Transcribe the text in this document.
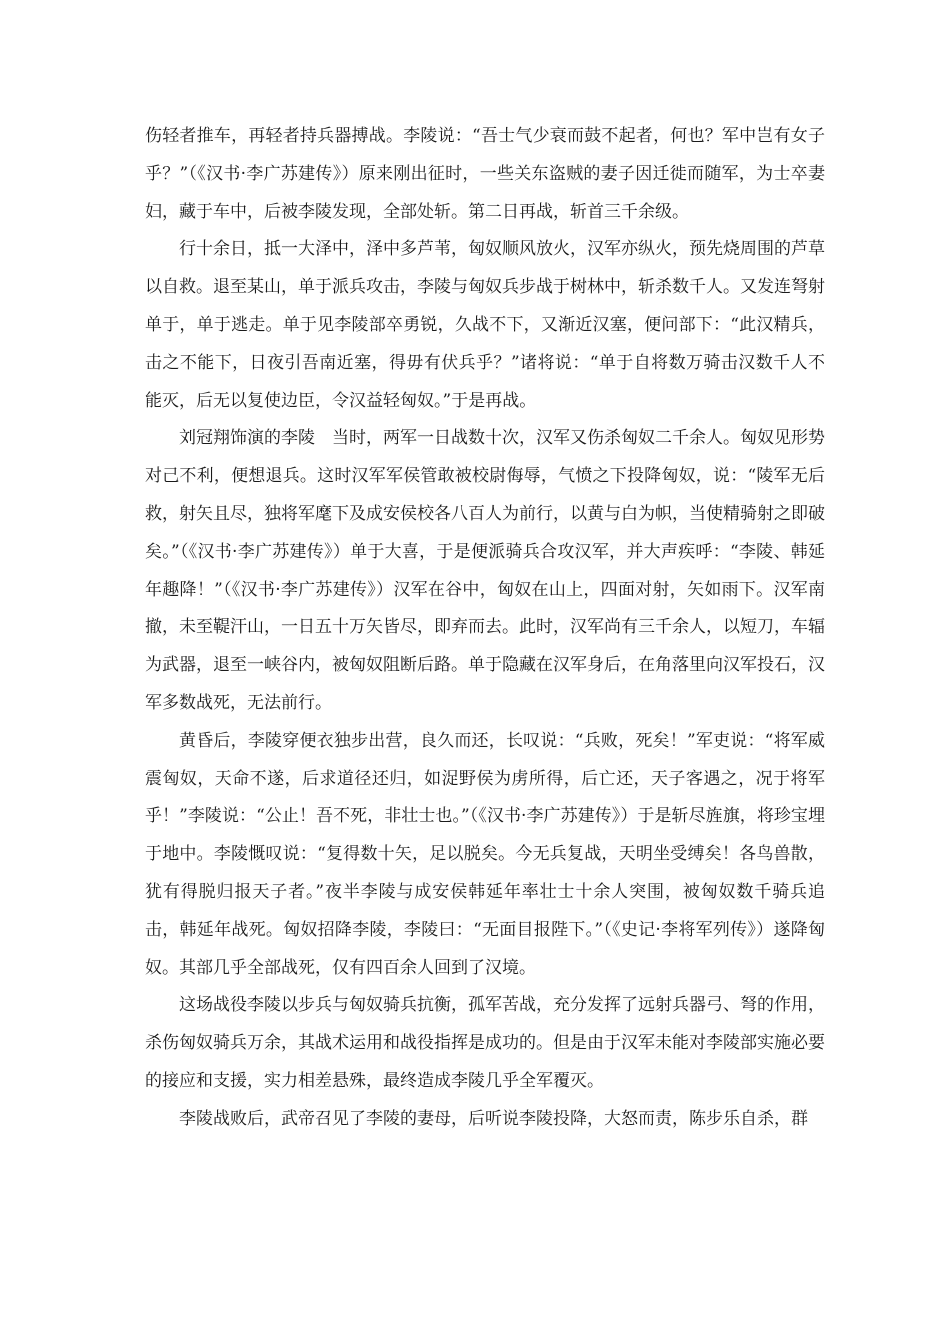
伤轻者推车，再轻者持兵器搏战。李陵说：“吾士气少衰而鼓不起者，何也？军中岂有女子乎？”（《汉书·李广苏建传》）原来刚出征时，一些关东盗贼的妻子因迁徙而随军，为士卒妻妇，藏于车中，后被李陵发现，全部处斩。第二日再战，斩首三千余级。

行十余日，抵一大泽中，泽中多芦苇，匈奴顺风放火，汉军亦纵火，预先烧周围的芦草以自救。退至某山，单于派兵攻击，李陵与匈奴兵步战于树林中，斩杀数千人。又发连弩射单于，单于逃走。单于见李陵部卒勇锐，久战不下，又渐近汉塞，便问部下：“此汉精兵，击之不能下，日夜引吾南近塞，得毋有伏兵乎？”诸将说：“单于自将数万骑击汉数千人不能灭，后无以复使边臣，令汉益轻匈奴。”于是再战。

刘冠翔饰演的李陵　当时，两军一日战数十次，汉军又伤杀匈奴二千余人。匈奴见形势对己不利，便想退兵。这时汉军军侯管敢被校尉侮辱，气愤之下投降匈奴，说：“陵军无后救，射矢且尽，独将军麾下及成安侯校各八百人为前行，以黄与白为帜，当使精骑射之即破矣。”（《汉书·李广苏建传》）单于大喜，于是便派骑兵合攻汉军，并大声疾呼：“李陵、韩延年趣降！”（《汉书·李广苏建传》）汉军在谷中，匈奴在山上，四面对射，矢如雨下。汉军南撤，未至鞮汗山，一日五十万矢皆尽，即弃而去。此时，汉军尚有三千余人，以短刀，车辐为武器，退至一峡谷内，被匈奴阻断后路。单于隐藏在汉军身后，在角落里向汉军投石，汉军多数战死，无法前行。

黄昏后，李陵穿便衣独步出营，良久而还，长叹说：“兵败，死矣！”军吏说：“将军威震匈奴，天命不遂，后求道径还归，如浞野侯为虏所得，后亡还，天子客遇之，况于将军乎！”李陵说：“公止！吾不死，非壮士也。”（《汉书·李广苏建传》）于是斩尽旌旗，将珍宝埋于地中。李陵慨叹说：“复得数十矢，足以脱矣。今无兵复战，天明坐受缚矣！各鸟兽散，犹有得脱归报天子者。”夜半李陵与成安侯韩延年率壮士十余人突围，被匈奴数千骑兵追击，韩延年战死。匈奴招降李陵，李陵曰：“无面目报陛下。”（《史记·李将军列传》）遂降匈奴。其部几乎全部战死，仅有四百余人回到了汉境。

这场战役李陵以步兵与匈奴骑兵抗衡，孤军苦战，充分发挥了远射兵器弓、弩的作用，杀伤匈奴骑兵万余，其战术运用和战役指挥是成功的。但是由于汉军未能对李陵部实施必要的接应和支援，实力相差悬殊，最终造成李陵几乎全军覆灭。

李陵战败后，武帝召见了李陵的妻母，后听说李陵投降，大怒而责，陈步乐自杀，群
